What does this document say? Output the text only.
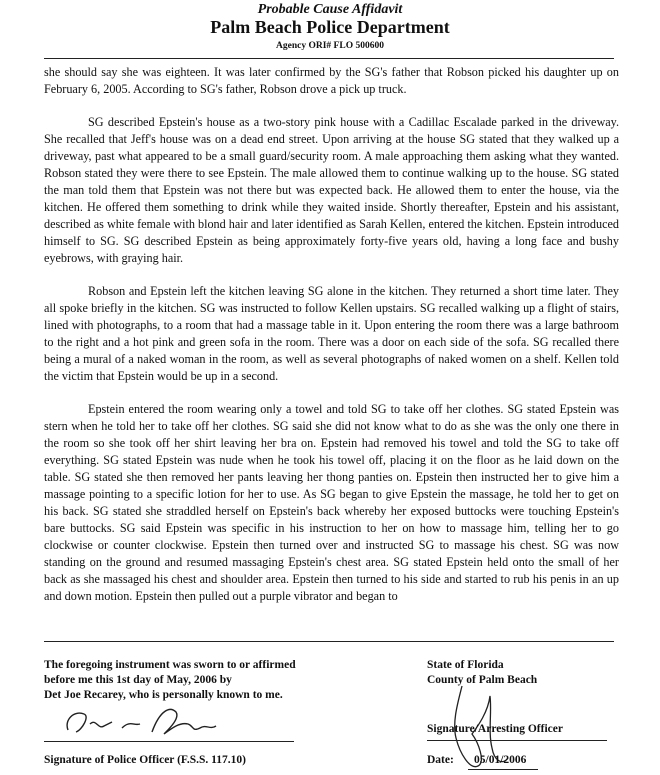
Probable Cause Affidavit
Palm Beach Police Department
Agency ORI# FLO 500600

she should say she was eighteen. It was later confirmed by the SG's father that Robson picked his daughter up on February 6, 2005. According to SG's father, Robson drove a pick up truck.

SG described Epstein's house as a two-story pink house with a Cadillac Escalade parked in the driveway. She recalled that Jeff's house was on a dead end street. Upon arriving at the house SG stated that they walked up a driveway, past what appeared to be a small guard/security room. A male approaching them asking what they wanted. Robson stated they were there to see Epstein. The male allowed them to continue walking up to the house. SG stated the man told them that Epstein was not there but was expected back. He allowed them to enter the house, via the kitchen. He offered them something to drink while they waited inside. Shortly thereafter, Epstein and his assistant, described as white female with blond hair and later identified as Sarah Kellen, entered the kitchen. Epstein introduced himself to SG. SG described Epstein as being approximately forty-five years old, having a long face and bushy eyebrows, with graying hair.

Robson and Epstein left the kitchen leaving SG alone in the kitchen. They returned a short time later. They all spoke briefly in the kitchen. SG was instructed to follow Kellen upstairs. SG recalled walking up a flight of stairs, lined with photographs, to a room that had a massage table in it. Upon entering the room there was a large bathroom to the right and a hot pink and green sofa in the room. There was a door on each side of the sofa. SG recalled there being a mural of a naked woman in the room, as well as several photographs of naked women on a shelf. Kellen told the victim that Epstein would be up in a second.

Epstein entered the room wearing only a towel and told SG to take off her clothes. SG stated Epstein was stern when he told her to take off her clothes. SG said she did not know what to do as she was the only one there in the room so she took off her shirt leaving her bra on. Epstein had removed his towel and told the SG to take off everything. SG stated Epstein was nude when he took his towel off, placing it on the floor as he laid down on the table. SG stated she then removed her pants leaving her thong panties on. Epstein then instructed her to give him a massage pointing to a specific lotion for her to use. As SG began to give Epstein the massage, he told her to get on his back. SG stated she straddled herself on Epstein's back whereby her exposed buttocks were touching Epstein's bare buttocks. SG said Epstein was specific in his instruction to her on how to massage him, telling her to go clockwise or counter clockwise. Epstein then turned over and instructed SG to massage his chest. SG was now standing on the ground and resumed massaging Epstein's chest area. SG stated Epstein held onto the small of her back as she massaged his chest and shoulder area. Epstein then turned to his side and started to rub his penis in an up and down motion. Epstein then pulled out a purple vibrator and began to

The foregoing instrument was sworn to or affirmed
before me this 1st day of May, 2006 by
Det Joe Recarey, who is personally known to me.
State of Florida
County of Palm Beach
Signature of Police Officer (F.S.S. 117.10)
Signature/Arresting Officer
Date: 05/01/2006
